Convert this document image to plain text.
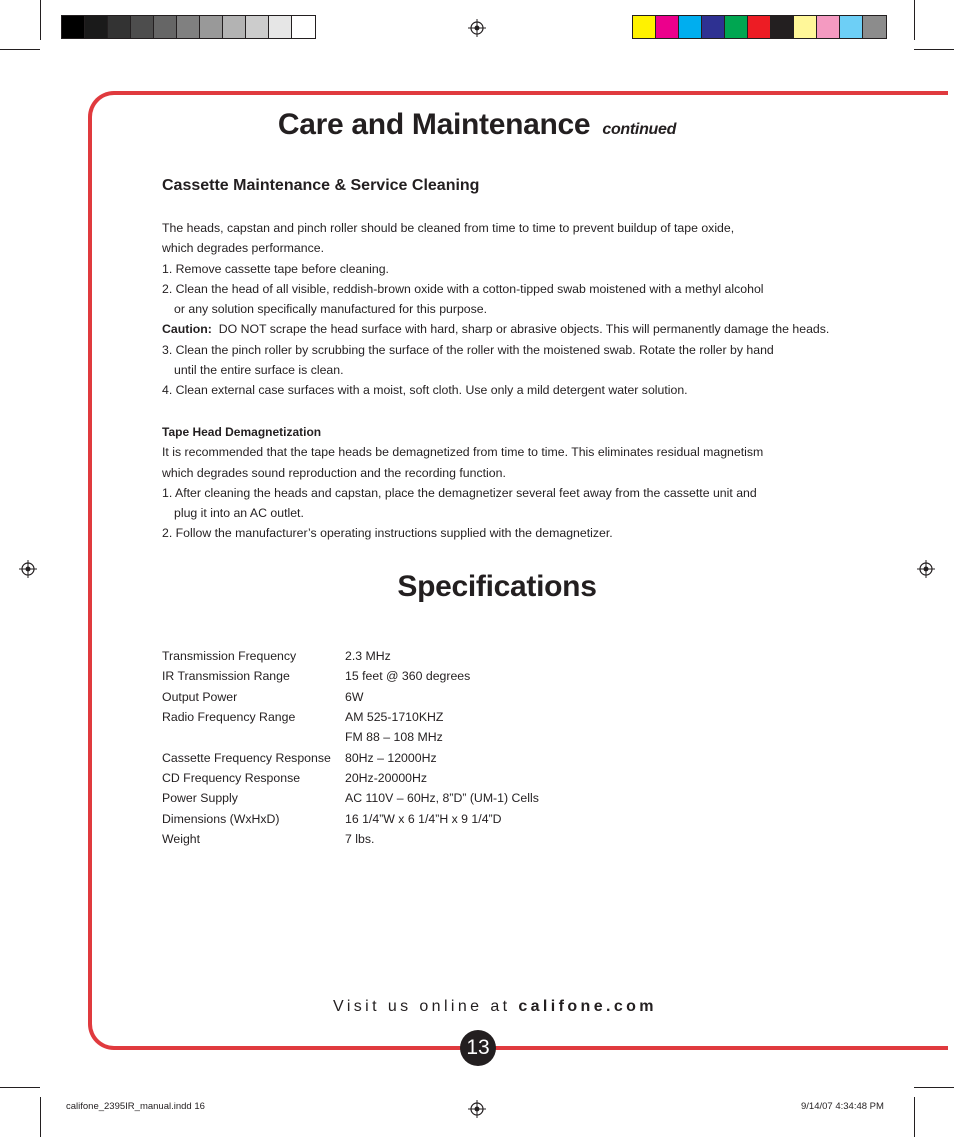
Care and Maintenance continued
Cassette Maintenance & Service Cleaning
The heads, capstan and pinch roller should be cleaned from time to time to prevent buildup of tape oxide,
which degrades performance.
1. Remove cassette tape before cleaning.
2. Clean the head of all visible, reddish-brown oxide with a cotton-tipped swab moistened with a methyl alcohol
or any solution specifically manufactured for this purpose.
Caution: DO NOT scrape the head surface with hard, sharp or abrasive objects. This will permanently damage the heads.
3. Clean the pinch roller by scrubbing the surface of the roller with the moistened swab. Rotate the roller by hand
until the entire surface is clean.
4. Clean external case surfaces with a moist, soft cloth. Use only a mild detergent water solution.
Tape Head Demagnetization
It is recommended that the tape heads be demagnetized from time to time. This eliminates residual magnetism
which degrades sound reproduction and the recording function.
1. After cleaning the heads and capstan, place the demagnetizer several feet away from the cassette unit and
plug it into an AC outlet.
2. Follow the manufacturer’s operating instructions supplied with the demagnetizer.
Specifications
Transmission Frequency	2.3 MHz
IR Transmission Range	15 feet @ 360 degrees
Output Power	6W
Radio Frequency Range	AM 525-1710KHZ
	FM 88 – 108 MHz
Cassette Frequency Response	80Hz – 12000Hz
CD Frequency Response	20Hz-20000Hz
Power Supply	AC 110V – 60Hz, 8”D” (UM-1) Cells
Dimensions (WxHxD)	16 1/4”W x 6 1/4”H x 9 1/4”D
Weight	7 lbs.
Visit us online at califone.com
13
califone_2395IR_manual.indd 16	9/14/07 4:34:48 PM
